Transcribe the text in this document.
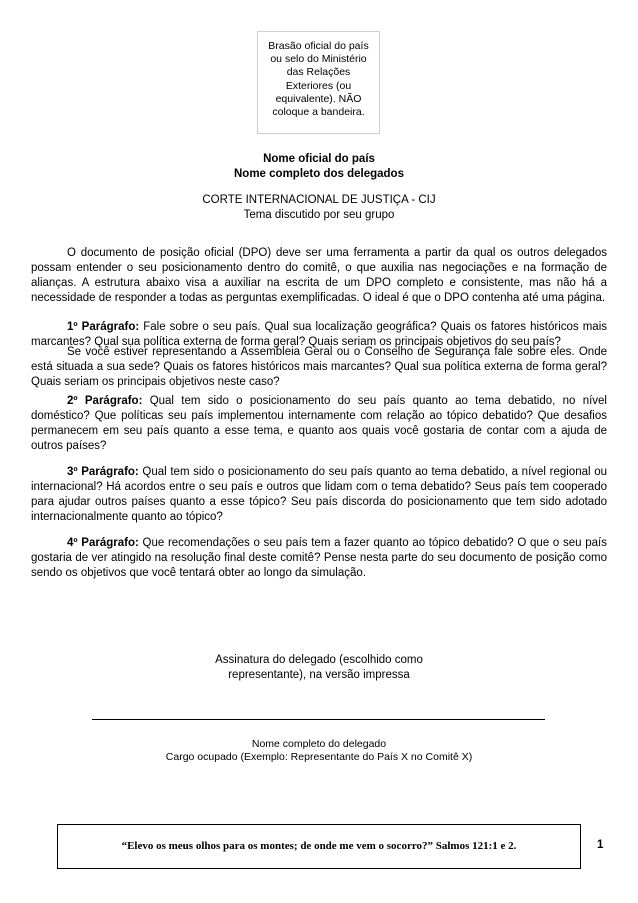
Brasão oficial do país ou selo do Ministério das Relações Exteriores (ou equivalente). NÃO coloque a bandeira.
Nome oficial do país
Nome completo dos delegados
CORTE INTERNACIONAL DE JUSTIÇA - CIJ
Tema discutido por seu grupo
O documento de posição oficial (DPO) deve ser uma ferramenta a partir da qual os outros delegados possam entender o seu posicionamento dentro do comitê, o que auxilia nas negociações e na formação de alianças. A estrutura abaixo visa a auxiliar na escrita de um DPO completo e consistente, mas não há a necessidade de responder a todas as perguntas exemplificadas. O ideal é que o DPO contenha até uma página.
1º Parágrafo: Fale sobre o seu país. Qual sua localização geográfica? Quais os fatores históricos mais marcantes? Qual sua política externa de forma geral? Quais seriam os principais objetivos do seu país?
Se você estiver representando a Assembleia Geral ou o Conselho de Segurança fale sobre eles. Onde está situada a sua sede? Quais os fatores históricos mais marcantes? Qual sua política externa de forma geral? Quais seriam os principais objetivos neste caso?
2º Parágrafo: Qual tem sido o posicionamento do seu país quanto ao tema debatido, no nível doméstico? Que políticas seu país implementou internamente com relação ao tópico debatido? Que desafios permanecem em seu país quanto a esse tema, e quanto aos quais você gostaria de contar com a ajuda de outros países?
3º Parágrafo: Qual tem sido o posicionamento do seu país quanto ao tema debatido, a nível regional ou internacional? Há acordos entre o seu país e outros que lidam com o tema debatido? Seus país tem cooperado para ajudar outros países quanto a esse tópico? Seu país discorda do posicionamento que tem sido adotado internacionalmente quanto ao tópico?
4º Parágrafo: Que recomendações o seu país tem a fazer quanto ao tópico debatido? O que o seu país gostaria de ver atingido na resolução final deste comitê? Pense nesta parte do seu documento de posição como sendo os objetivos que você tentará obter ao longo da simulação.
Assinatura do delegado (escolhido como
representante), na versão impressa
Nome completo do delegado
Cargo ocupado (Exemplo: Representante do País X no Comitê X)
“Elevo os meus olhos para os montes; de onde me vem o socorro?” Salmos 121:1 e 2.	1
